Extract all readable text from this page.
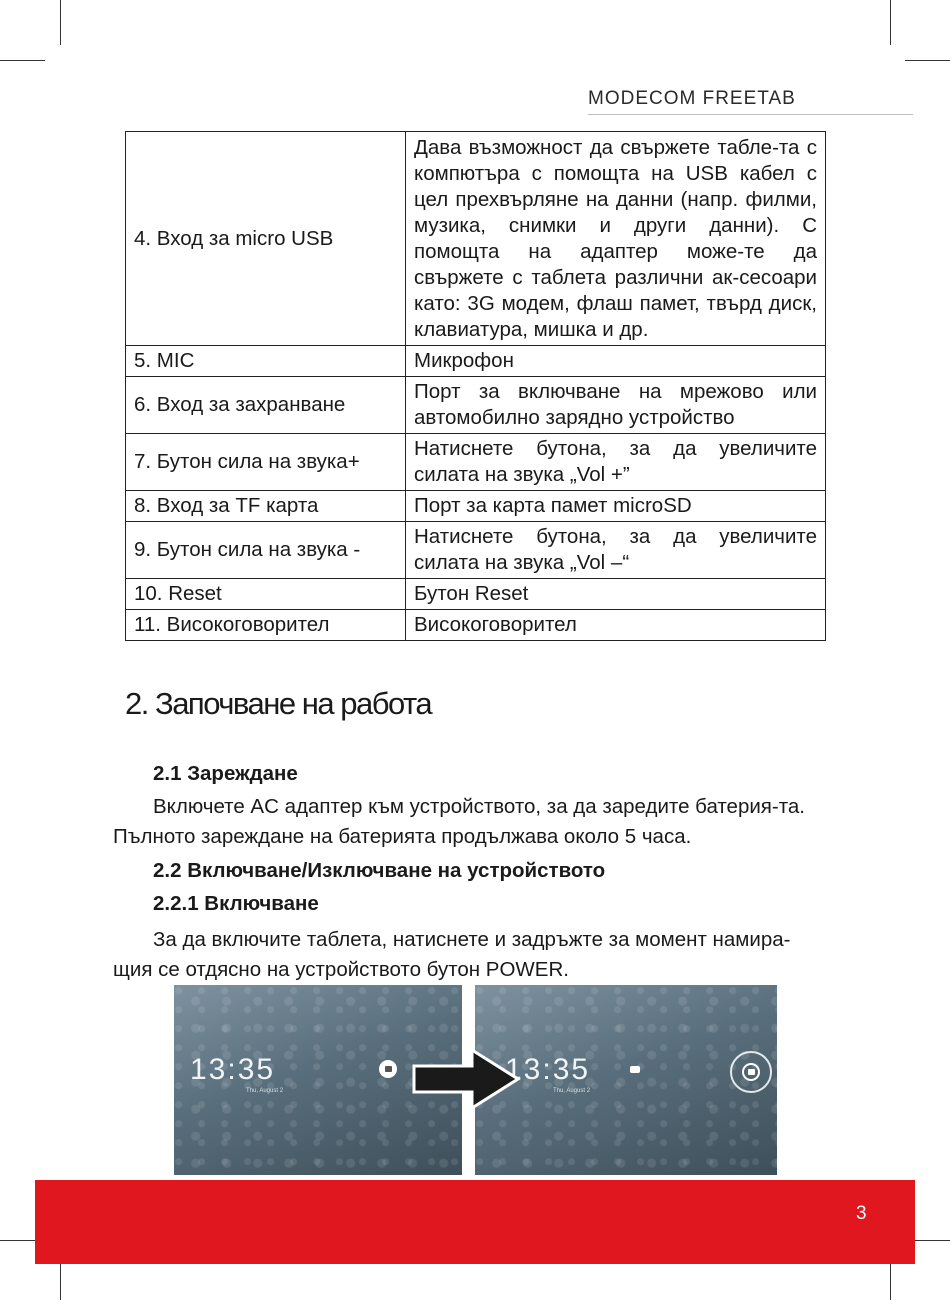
MODECOM FREETAB
4. Вход за micro USB	Дава възможност да свържете табле-та с компютъра с помощта на USB кабел с цел прехвърляне на данни (напр. филми, музика, снимки и други данни). С помощта на адаптер може-те да свържете с таблета различни ак-сесоари като: 3G модем, флаш памет, твърд диск, клавиатура, мишка и др.
5. MIC	Микрофон
6. Вход за захранване	Порт за включване на мрежово или автомобилно зарядно устройство
7. Бутон сила на звука+	Натиснете бутона, за да увеличите силата на звука „Vol +”
8. Вход за TF карта	Порт за карта памет microSD
9. Бутон сила на звука -	Натиснете бутона, за да увеличите силата на звука „Vol –“
10. Reset	Бутон Reset
11. Високоговорител	Високоговорител
2. Започване на работа
2.1 Зареждане
Включете AC адаптер към устройството, за да заредите батерия-та. Пълното зареждане на батерията продължава около 5 часа.
2.2 Включване/Изключване на устройството
2.2.1 Включване
За да включите таблета, натиснете и задръжте за момент намира-щия се отдясно на устройството бутон POWER.
13:35
Thu, August 2
13:35
Thu, August 2
3
